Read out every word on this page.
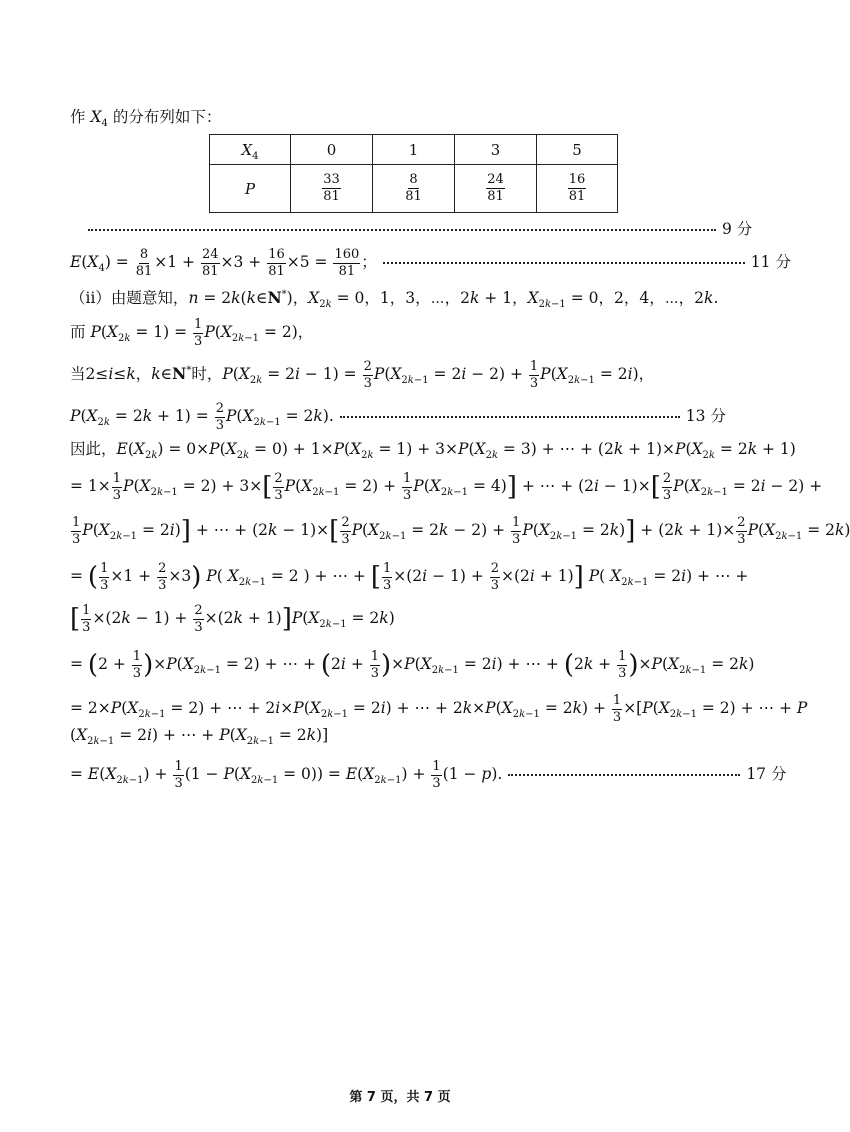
作 $X_4$ 的分布列如下：
$X_4$	0	1	3	5
P	$\frac{33}{81}$	$\frac{8}{81}$	$\frac{24}{81}$	$\frac{16}{81}$
9 分
$E(X_4) = \frac{8}{81} \times 1 + \frac{24}{81} \times 3 + \frac{16}{81} \times 5 = \frac{160}{81}$ ；	11 分
（ⅱ）由题意知，n = 2k(k∈N*)，$X_{2k} = 0$，1，3，⋯，2k + 1，$X_{2k-1} = 0$，2，4，⋯，2k.
而 $P(X_{2k} = 1) = \frac{1}{3} P(X_{2k-1} = 2)$，
当2≤i≤k，k∈N*时，$P(X_{2k} = 2i - 1) = \frac{2}{3} P(X_{2k-1} = 2i - 2) + \frac{1}{3} P(X_{2k-1} = 2i)$，
$P(X_{2k} = 2k + 1) = \frac{2}{3} P(X_{2k-1} = 2k)$.	13 分
因此，$E(X_{2k}) = 0\times P(X_{2k} = 0) + 1\times P(X_{2k} = 1) + 3\times P(X_{2k} = 3)$ + ⋯ + $(2k + 1)\times P(X_{2k} = 2k + 1)$
= $1\times \frac{1}{3} P(X_{2k-1} = 2) + 3\times[ \frac{2}{3} P(X_{2k-1} = 2) + \frac{1}{3} P(X_{2k-1} = 4)]$ + ⋯ + $(2i - 1)\times[ \frac{2}{3} P(X_{2k-1} = 2i - 2)$ +
$\frac{1}{3} P(X_{2k-1} = 2i)$] + ⋯ + $(2k - 1)\times[ \frac{2}{3} P(X_{2k-1} = 2k - 2) + \frac{1}{3} P(X_{2k-1} = 2k)] + (2k + 1)\times \frac{2}{3} P(X_{2k-1} = 2k)$
= ( $\frac{1}{3} \times 1 + \frac{2}{3} \times 3$) P( $X_{2k-1} = 2$ ) + ⋯ + [ $\frac{1}{3} \times(2i - 1) + \frac{2}{3} \times(2i + 1)$] P( $X_{2k-1} = 2i$) + ⋯ +
[ $\frac{1}{3} \times(2k - 1) + \frac{2}{3} \times(2k + 1)]P(X_{2k-1} = 2k)$
= $(2 + \frac{1}{3} )\times P(X_{2k-1} = 2)$ + ⋯ + $(2i + \frac{1}{3} )\times P(X_{2k-1} = 2i)$ + ⋯ + $(2k + \frac{1}{3} )\times P(X_{2k-1} = 2k)$
= $2\times P(X_{2k-1} = 2)$ + ⋯ + $2i\times P(X_{2k-1} = 2i)$ + ⋯ + $2k\times P(X_{2k-1} = 2k) + \frac{1}{3} \times[P(X_{2k-1} = 2)$ + ⋯ + P
$(X_{2k-1} = 2i)$ + ⋯ + $P(X_{2k-1} = 2k)$]
= $E(X_{2k-1}) + \frac{1}{3} (1 - P(X_{2k-1} = 0)) = E(X_{2k-1}) + \frac{1}{3} (1 - p)$.	17 分
第 7 页，共 7 页
